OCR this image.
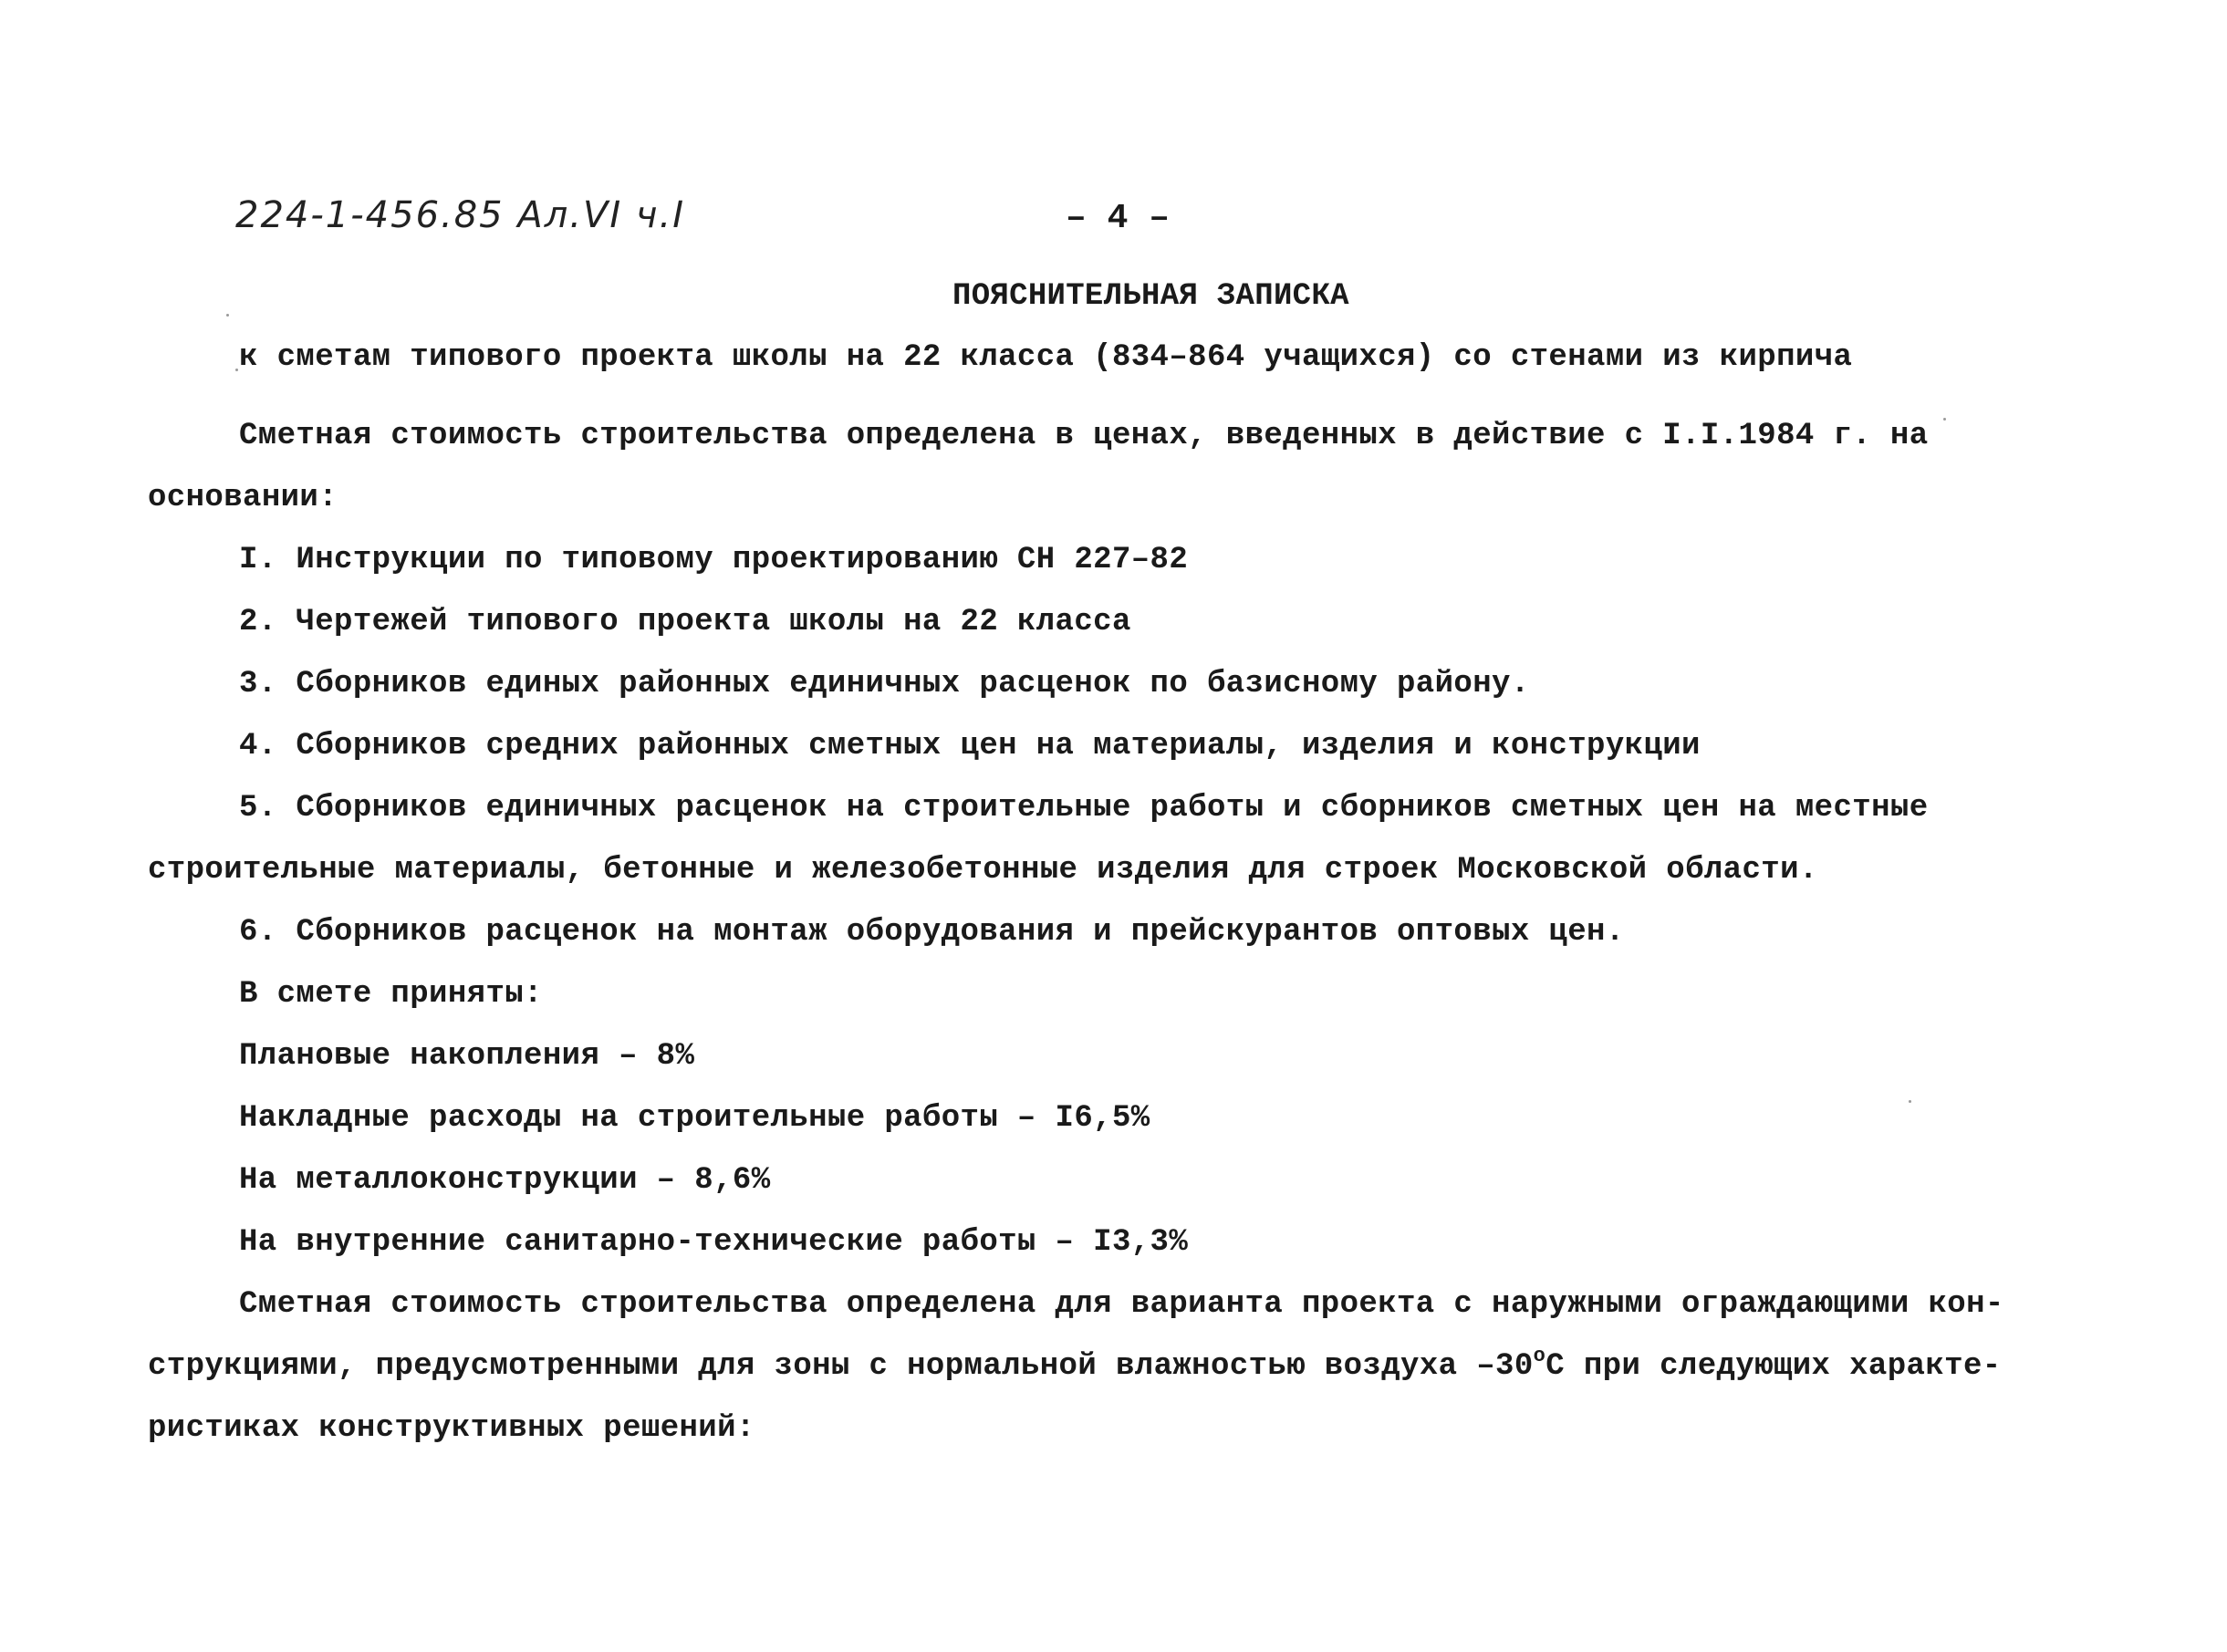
224-1-456.85 Ал.VI ч.I	– 4 –
ПОЯСНИТЕЛЬНАЯ ЗАПИСКА
к сметам типового проекта школы на 22 класса (834–864 учащихся) со стенами из кирпича
Сметная стоимость строительства определена в ценах, введенных в действие с I.I.1984 г. на
основании:
I. Инструкции по типовому проектированию СН 227–82
2. Чертежей типового проекта школы на 22 класса
3. Сборников единых районных единичных расценок по базисному району.
4. Сборников средних районных сметных цен на материалы, изделия и конструкции
5. Сборников единичных расценок на строительные работы и сборников сметных цен на местные
строительные материалы, бетонные и железобетонные изделия для строек Московской области.
6. Сборников расценок на монтаж оборудования и прейскурантов оптовых цен.
В смете приняты:
Плановые накопления – 8%
Накладные расходы на строительные работы – I6,5%
На металлоконструкции – 8,6%
На внутренние санитарно-технические работы – I3,3%
Сметная стоимость строительства определена для варианта проекта с наружными ограждающими кон-
струкциями, предусмотренными для зоны с нормальной влажностью воздуха $-30^оС$ при следующих характе-
ристиках конструктивных решений:
